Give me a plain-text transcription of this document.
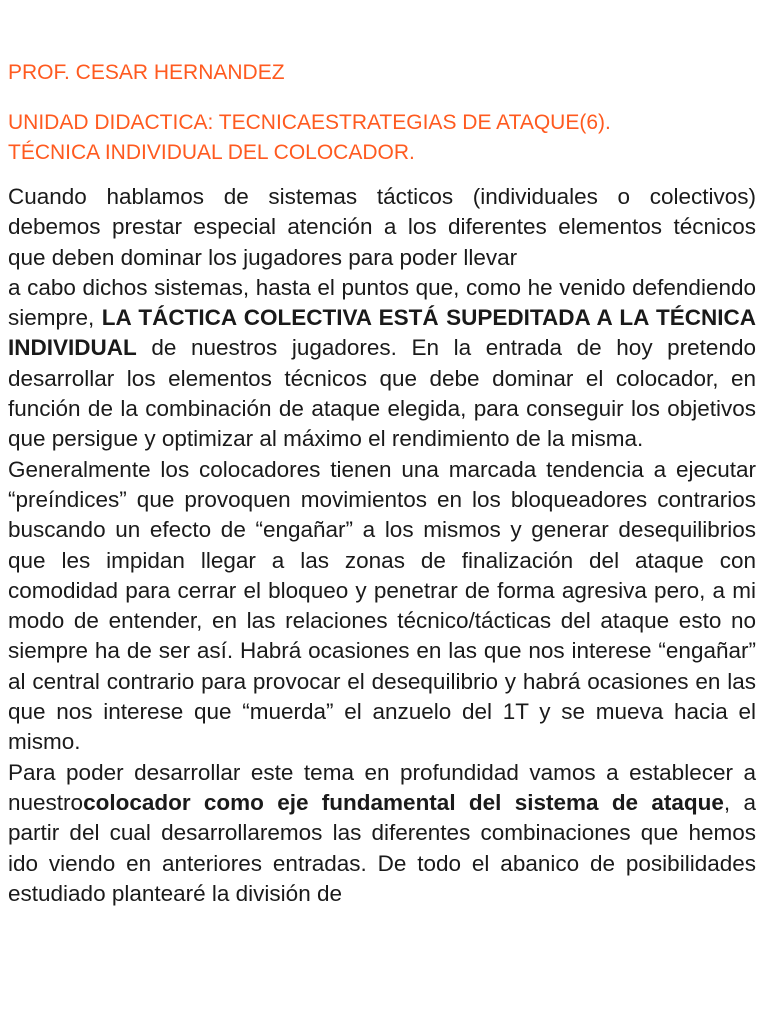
PROF. CESAR HERNANDEZ

UNIDAD DIDACTICA: TECNICAESTRATEGIAS DE ATAQUE(6).
TÉCNICA INDIVIDUAL DEL COLOCADOR.

Cuando hablamos de sistemas tácticos (individuales o colectivos) debemos prestar especial atención a los diferentes elementos técnicos que deben dominar los jugadores para poder llevar

a cabo dichos sistemas, hasta el puntos que, como he venido defendiendo siempre, LA TÁCTICA COLECTIVA ESTÁ SUPEDITADA A LA TÉCNICA INDIVIDUAL de nuestros jugadores. En la entrada de hoy pretendo desarrollar los elementos técnicos que debe dominar el colocador, en función de la combinación de ataque elegida, para conseguir los objetivos que persigue y optimizar al máximo el rendimiento de la misma.

Generalmente los colocadores tienen una marcada tendencia a ejecutar “preíndices” que provoquen movimientos en los bloqueadores contrarios buscando un efecto de “engañar” a los mismos y generar desequilibrios que les impidan llegar a las zonas de finalización del ataque con comodidad para cerrar el bloqueo y penetrar de forma agresiva pero, a mi modo de entender, en las relaciones técnico/tácticas del ataque esto no siempre ha de ser así. Habrá ocasiones en las que nos interese “engañar” al central contrario para provocar el desequilibrio y habrá ocasiones en las que nos interese que “muerda” el anzuelo del 1T y se mueva hacia el mismo.

Para poder desarrollar este tema en profundidad vamos a establecer a nuestrocolocador como eje fundamental del sistema de ataque, a partir del cual desarrollaremos las diferentes combinaciones que hemos ido viendo en anteriores entradas. De todo el abanico de posibilidades estudiado plantearé la división de
